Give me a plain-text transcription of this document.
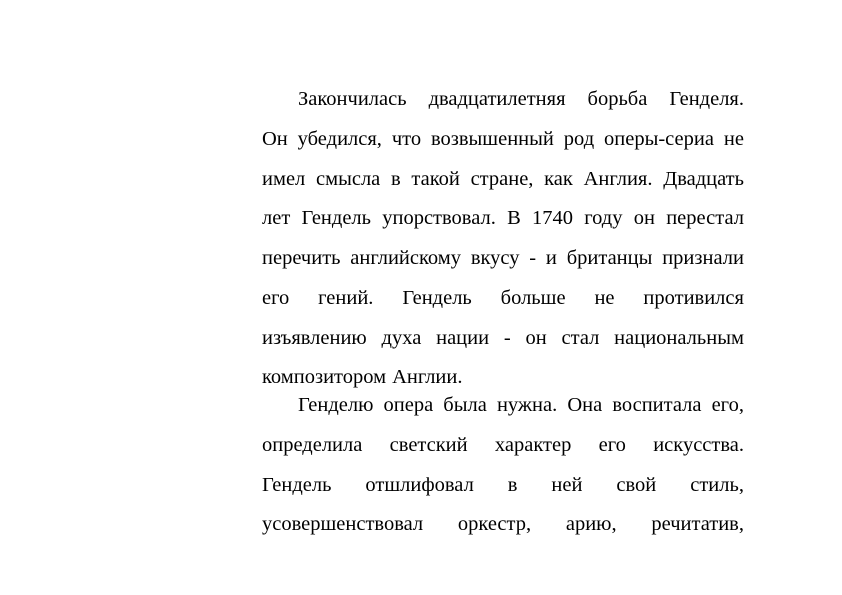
Закончилась двадцатилетняя борьба Генделя.
Он убедился, что возвышенный род оперы-сериа не
имел смысла в такой стране, как Англия. Двадцать
лет Гендель упорствовал. В 1740 году он перестал
перечить английскому вкусу - и британцы признали
его гений. Гендель больше не противился
изъявлению духа нации - он стал национальным
композитором Англии.
Генделю опера была нужна. Она воспитала его,
определила светский характер его искусства.
Гендель отшлифовал в ней свой стиль,
усовершенствовал оркестр, арию, речитатив,
